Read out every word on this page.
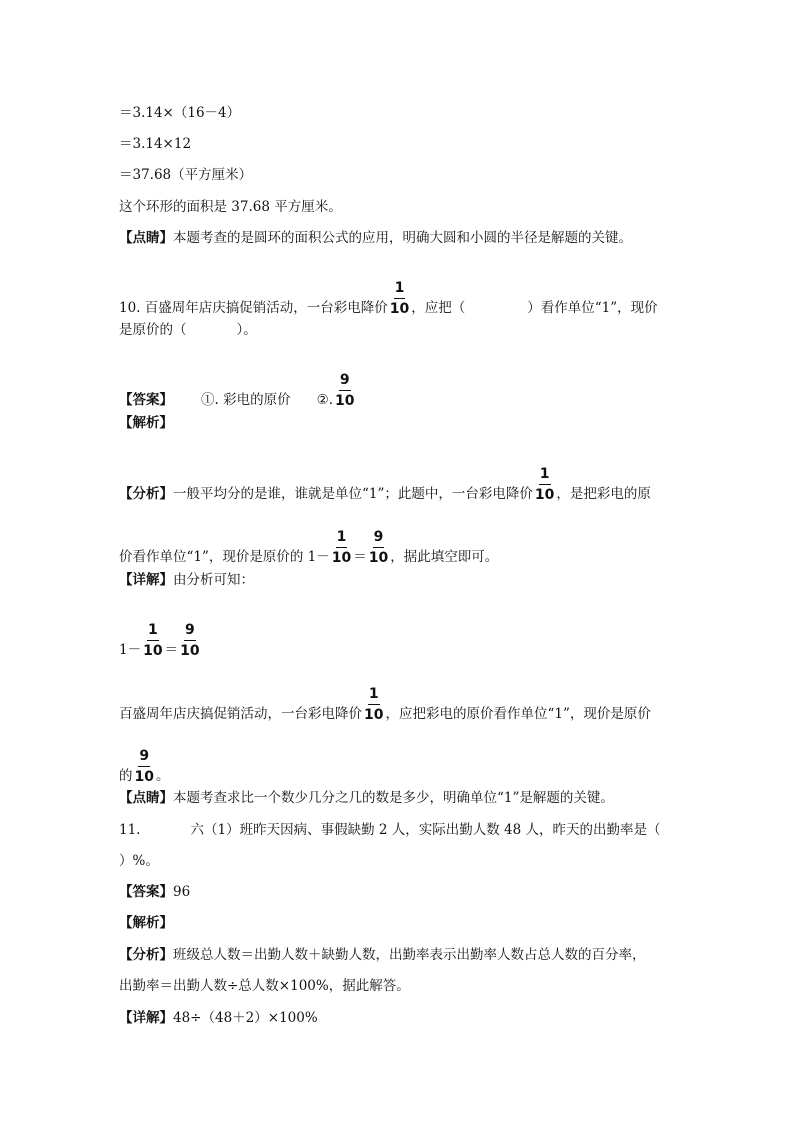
＝3.14×（16－4）
＝3.14×12
＝37.68（平方厘米）
这个环形的面积是 37.68 平方厘米。
【点睛】本题考查的是圆环的面积公式的应用，明确大圆和小圆的半径是解题的关键。
10. 百盛周年店庆搞促销活动，一台彩电降价 $\frac{1}{10}$ ，应把（	）看作单位“1”，现价
是原价的（	）。
【答案】 ①. 彩电的原价 ②. $\frac{9}{10}$
【解析】
【分析】一般平均分的是谁，谁就是单位“1”；此题中，一台彩电降价 $\frac{1}{10}$ ，是把彩电的原
价看作单位“1”，现价是原价的 $1- \frac{1}{10} = \frac{9}{10}$ ，据此填空即可。
【详解】由分析可知：
$1- \frac{1}{10} = \frac{9}{10}$
百盛周年店庆搞促销活动，一台彩电降价 $\frac{1}{10}$ ，应把彩电的原价看作单位“1”，现价是原价
的 $\frac{9}{10}$ 。
【点睛】本题考查求比一个数少几分之几的数是多少，明确单位“1”是解题的关键。
11.	六（1）班昨天因病、事假缺勤 2 人，实际出勤人数 48 人，昨天的出勤率是（
）%。
【答案】96
【解析】
【分析】班级总人数＝出勤人数＋缺勤人数，出勤率表示出勤率人数占总人数的百分率，
出勤率＝出勤人数÷总人数×100%，据此解答。
【详解】48÷（48＋2）×100%
